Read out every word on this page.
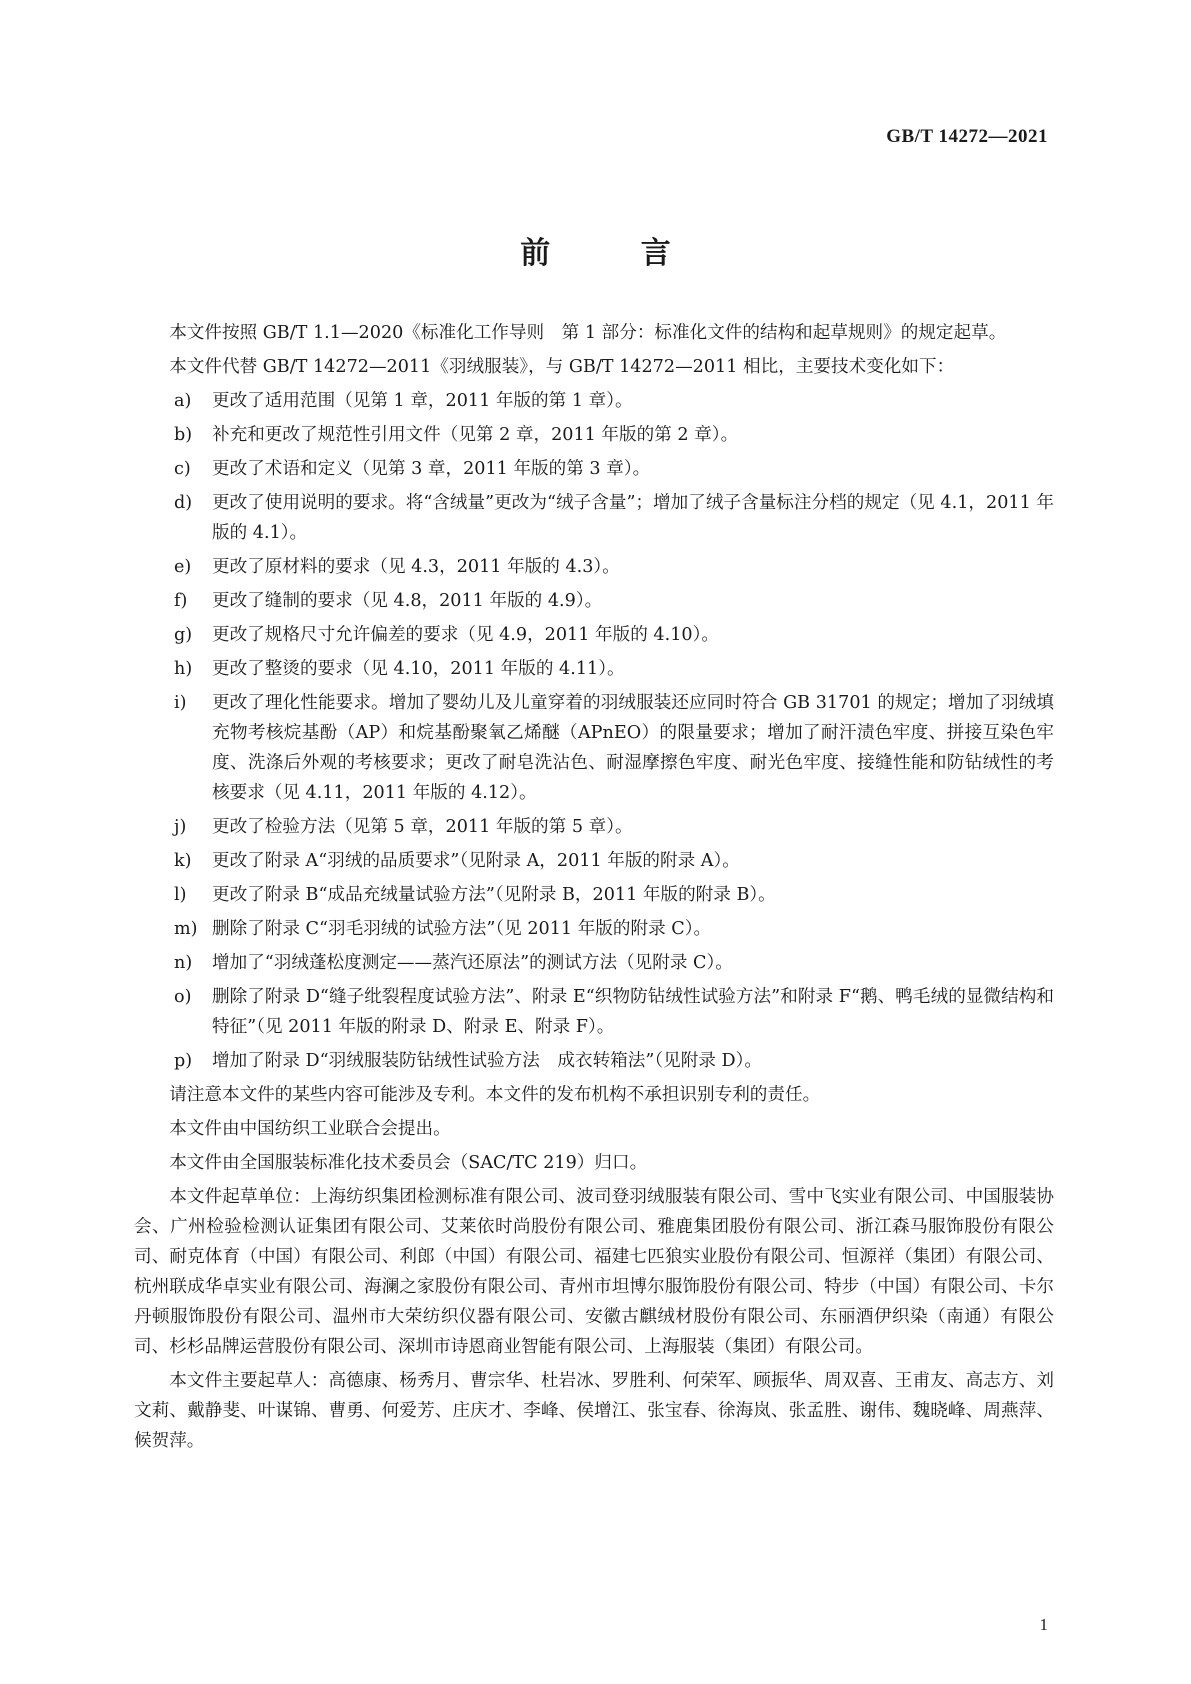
GB/T 14272—2021
前 言

本文件按照 GB/T 1.1—2020《标准化工作导则　第 1 部分：标准化文件的结构和起草规则》的规定起草。

本文件代替 GB/T 14272—2011《羽绒服装》，与 GB/T 14272—2011 相比，主要技术变化如下：

a)	更改了适用范围（见第 1 章，2011 年版的第 1 章）。
b)	补充和更改了规范性引用文件（见第 2 章，2011 年版的第 2 章）。
c)	更改了术语和定义（见第 3 章，2011 年版的第 3 章）。
d)	更改了使用说明的要求。将“含绒量”更改为“绒子含量”；增加了绒子含量标注分档的规定（见 4.1，2011 年版的 4.1）。
e)	更改了原材料的要求（见 4.3，2011 年版的 4.3）。
f)	更改了缝制的要求（见 4.8，2011 年版的 4.9）。
g)	更改了规格尺寸允许偏差的要求（见 4.9，2011 年版的 4.10）。
h)	更改了整烫的要求（见 4.10，2011 年版的 4.11）。
i)	更改了理化性能要求。增加了婴幼儿及儿童穿着的羽绒服装还应同时符合 GB 31701 的规定；增加了羽绒填充物考核烷基酚（AP）和烷基酚聚氧乙烯醚（APnEO）的限量要求；增加了耐汗渍色牢度、拼接互染色牢度、洗涤后外观的考核要求；更改了耐皂洗沾色、耐湿摩擦色牢度、耐光色牢度、接缝性能和防钻绒性的考核要求（见 4.11，2011 年版的 4.12）。
j)	更改了检验方法（见第 5 章，2011 年版的第 5 章）。
k)	更改了附录 A“羽绒的品质要求”（见附录 A，2011 年版的附录 A）。
l)	更改了附录 B“成品充绒量试验方法”（见附录 B，2011 年版的附录 B）。
m) 删除了附录 C“羽毛羽绒的试验方法”（见 2011 年版的附录 C）。
n)	增加了“羽绒蓬松度测定——蒸汽还原法”的测试方法（见附录 C）。
o)	删除了附录 D“缝子纰裂程度试验方法”、附录 E“织物防钻绒性试验方法”和附录 F“鹅、鸭毛绒的显微结构和特征”（见 2011 年版的附录 D、附录 E、附录 F）。
p)	增加了附录 D“羽绒服装防钻绒性试验方法　成衣转箱法”（见附录 D）。

请注意本文件的某些内容可能涉及专利。本文件的发布机构不承担识别专利的责任。

本文件由中国纺织工业联合会提出。

本文件由全国服装标准化技术委员会（SAC/TC 219）归口。

本文件起草单位：上海纺织集团检测标准有限公司、波司登羽绒服装有限公司、雪中飞实业有限公司、中国服装协会、广州检验检测认证集团有限公司、艾莱依时尚股份有限公司、雅鹿集团股份有限公司、浙江森马服饰股份有限公司、耐克体育（中国）有限公司、利郎（中国）有限公司、福建七匹狼实业股份有限公司、恒源祥（集团）有限公司、杭州联成华卓实业有限公司、海澜之家股份有限公司、青州市坦博尔服饰股份有限公司、特步（中国）有限公司、卡尔丹顿服饰股份有限公司、温州市大荣纺织仪器有限公司、安徽古麒绒材股份有限公司、东丽酒伊织染（南通）有限公司、杉杉品牌运营股份有限公司、深圳市诗恩商业智能有限公司、上海服装（集团）有限公司。

本文件主要起草人：高德康、杨秀月、曹宗华、杜岩冰、罗胜利、何荣军、顾振华、周双喜、王甫友、高志方、刘文莉、戴静斐、叶谋锦、曹勇、何爱芳、庄庆才、李峰、侯增江、张宝春、徐海岚、张孟胜、谢伟、魏晓峰、周燕萍、候贺萍。

1
